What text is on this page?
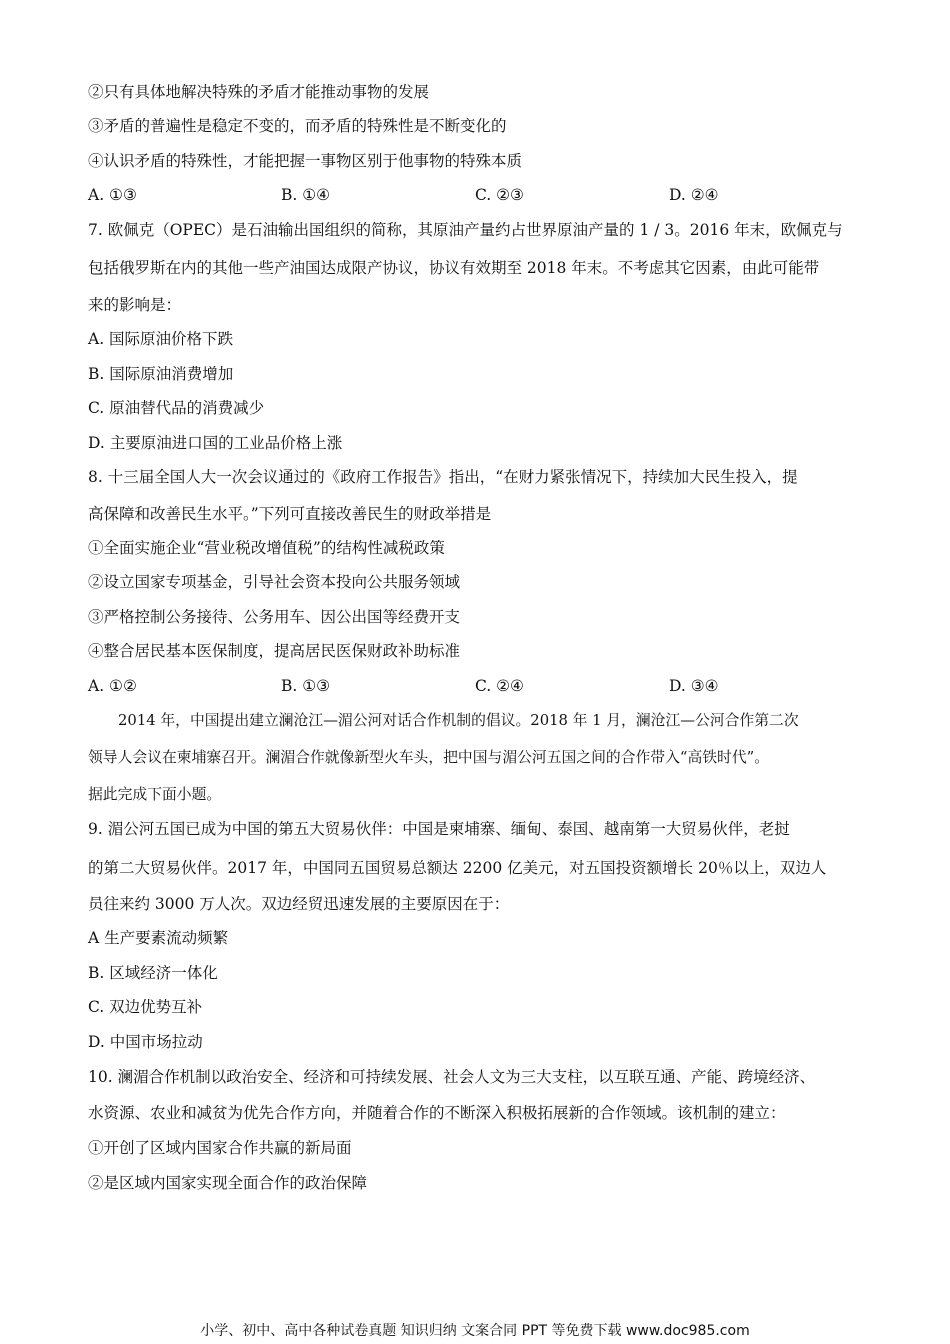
②只有具体地解决特殊的矛盾才能推动事物的发展
③矛盾的普遍性是稳定不变的，而矛盾的特殊性是不断变化的
④认识矛盾的特殊性，才能把握一事物区别于他事物的特殊本质
A. ①③	B. ①④	C. ②③	D. ②④
7. 欧佩克（OPEC）是石油输出国组织的简称，其原油产量约占世界原油产量的 1 / 3。2016 年末，欧佩克与
包括俄罗斯在内的其他一些产油国达成限产协议，协议有效期至 2018 年末。不考虑其它因素，由此可能带
来的影响是：
A. 国际原油价格下跌
B. 国际原油消费增加
C. 原油替代品的消费减少
D. 主要原油进口国的工业品价格上涨
8. 十三届全国人大一次会议通过的《政府工作报告》指出，“在财力紧张情况下，持续加大民生投入，提
高保障和改善民生水平。”下列可直接改善民生的财政举措是
①全面实施企业“营业税改增值税”的结构性减税政策
②设立国家专项基金，引导社会资本投向公共服务领域
③严格控制公务接待、公务用车、因公出国等经费开支
④整合居民基本医保制度，提高居民医保财政补助标准
A. ①②	B. ①③	C. ②④	D. ③④
2014 年，中国提出建立澜沧江—湄公河对话合作机制的倡议。2018 年 1 月，澜沧江—公河合作第二次
领导人会议在柬埔寨召开。澜湄合作就像新型火车头，把中国与湄公河五国之间的合作带入“高铁时代”。
据此完成下面小题。
9. 湄公河五国已成为中国的第五大贸易伙伴：中国是柬埔寨、缅甸、泰国、越南第一大贸易伙伴，老挝
的第二大贸易伙伴。2017 年，中国同五国贸易总额达 2200 亿美元，对五国投资额增长 20％以上，双边人
员往来约 3000 万人次。双边经贸迅速发展的主要原因在于：
A 生产要素流动频繁
B. 区域经济一体化
C. 双边优势互补
D. 中国市场拉动
10. 澜湄合作机制以政治安全、经济和可持续发展、社会人文为三大支柱，以互联互通、产能、跨境经济、
水资源、农业和减贫为优先合作方向，并随着合作的不断深入积极拓展新的合作领域。该机制的建立：
①开创了区域内国家合作共赢的新局面
②是区域内国家实现全面合作的政治保障
小学、初中、高中各种试卷真题 知识归纳 文案合同 PPT 等免费下载 www.doc985.com
